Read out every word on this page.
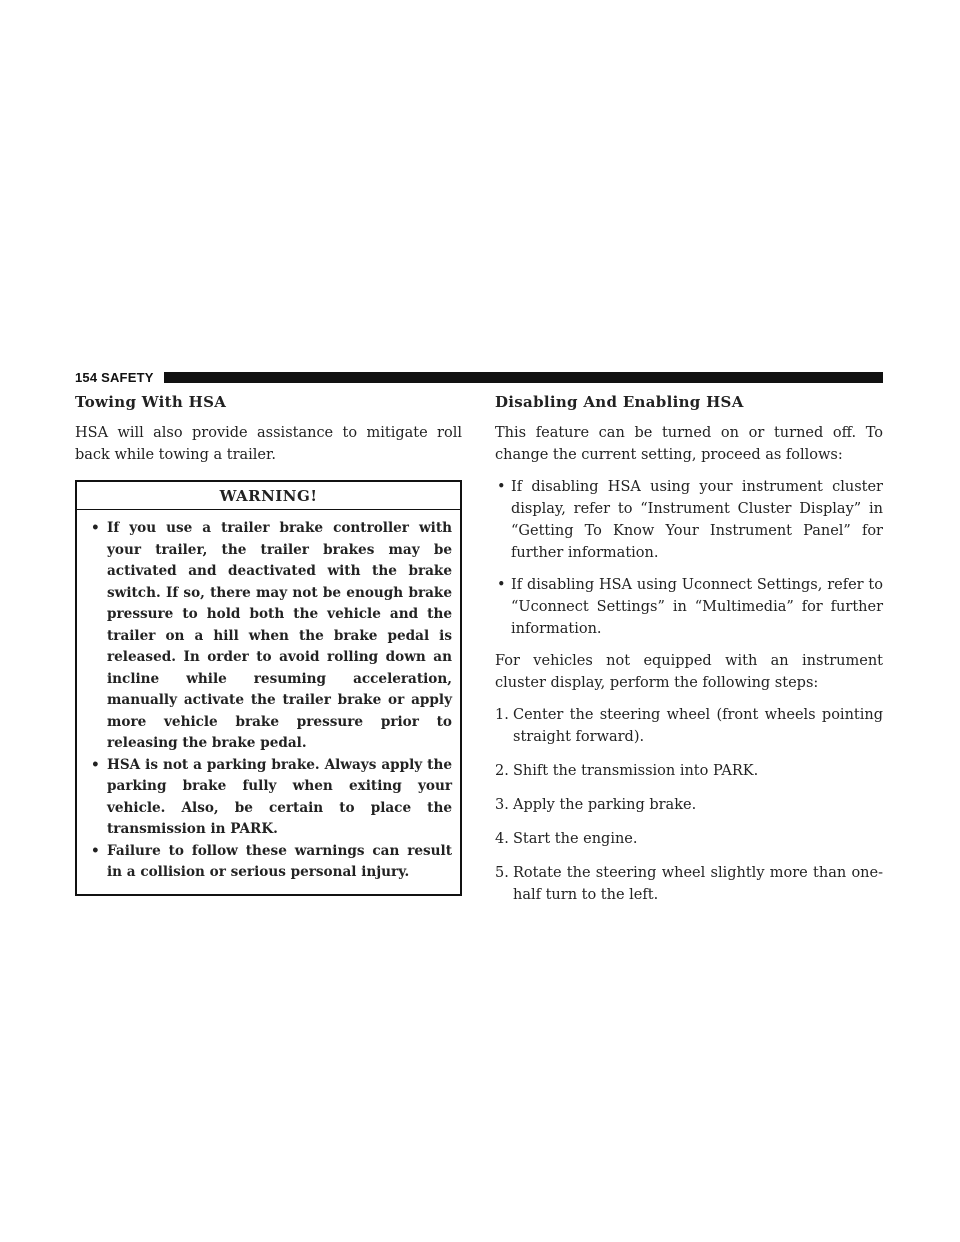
154 SAFETY
Towing With HSA

HSA will also provide assistance to mitigate roll back while towing a trailer.

WARNING!
• If you use a trailer brake controller with your trailer, the trailer brakes may be activated and deactivated with the brake switch. If so, there may not be enough brake pressure to hold both the vehicle and the trailer on a hill when the brake pedal is released. In order to avoid rolling down an incline while resuming acceleration, manually activate the trailer brake or apply more vehicle brake pressure prior to releasing the brake pedal.
• HSA is not a parking brake. Always apply the parking brake fully when exiting your vehicle. Also, be certain to place the transmission in PARK.
• Failure to follow these warnings can result in a collision or serious personal injury.
Disabling And Enabling HSA

This feature can be turned on or turned off. To change the current setting, proceed as follows:

• If disabling HSA using your instrument cluster display, refer to “Instrument Cluster Display” in “Getting To Know Your Instrument Panel” for further information.
• If disabling HSA using Uconnect Settings, refer to “Uconnect Settings” in “Multimedia” for further information.

For vehicles not equipped with an instrument cluster display, perform the following steps:

1. Center the steering wheel (front wheels pointing straight forward).
2. Shift the transmission into PARK.
3. Apply the parking brake.
4. Start the engine.
5. Rotate the steering wheel slightly more than one-half turn to the left.
